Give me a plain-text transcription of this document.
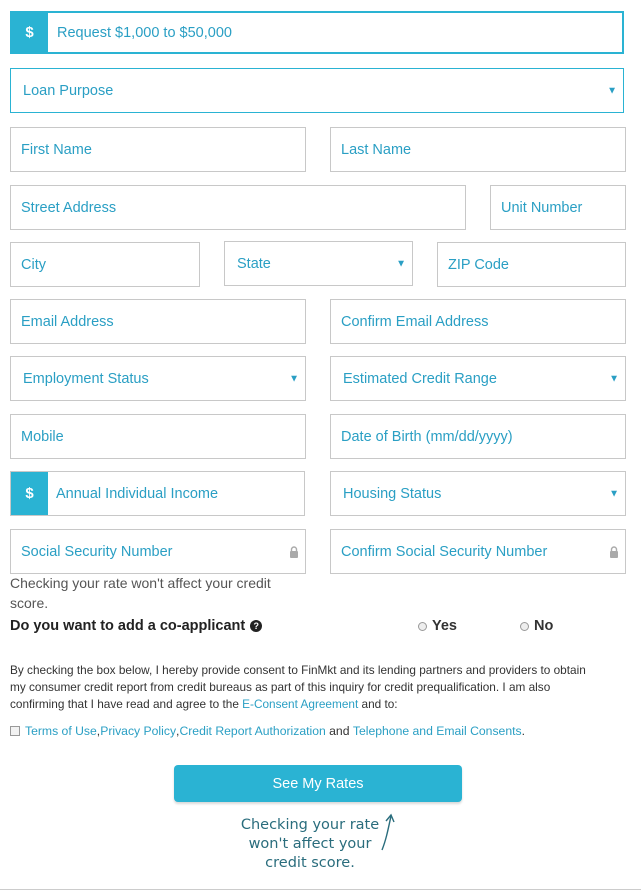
$	Request $1,000 to $50,000
Loan Purpose	▼
First Name	Last Name
Street Address	Unit Number
City	State	▼	ZIP Code
Email Address	Confirm Email Address
Employment Status	▼	Estimated Credit Range	▼
Mobile	Date of Birth (mm/dd/yyyy)
$	Annual Individual Income	Housing Status	▼
Social Security Number	Confirm Social Security Number
Checking your rate won't affect your credit score.
Do you want to add a co-applicant ?	Yes	No
By checking the box below, I hereby provide consent to FinMkt and its lending partners and providers to obtain my consumer credit report from credit bureaus as part of this inquiry for credit prequalification. I am also confirming that I have read and agree to the E-Consent Agreement and to:
Terms of Use , Privacy Policy , Credit Report Authorization and Telephone and Email Consents .
See My Rates
Checking your rate won't affect your credit score.
